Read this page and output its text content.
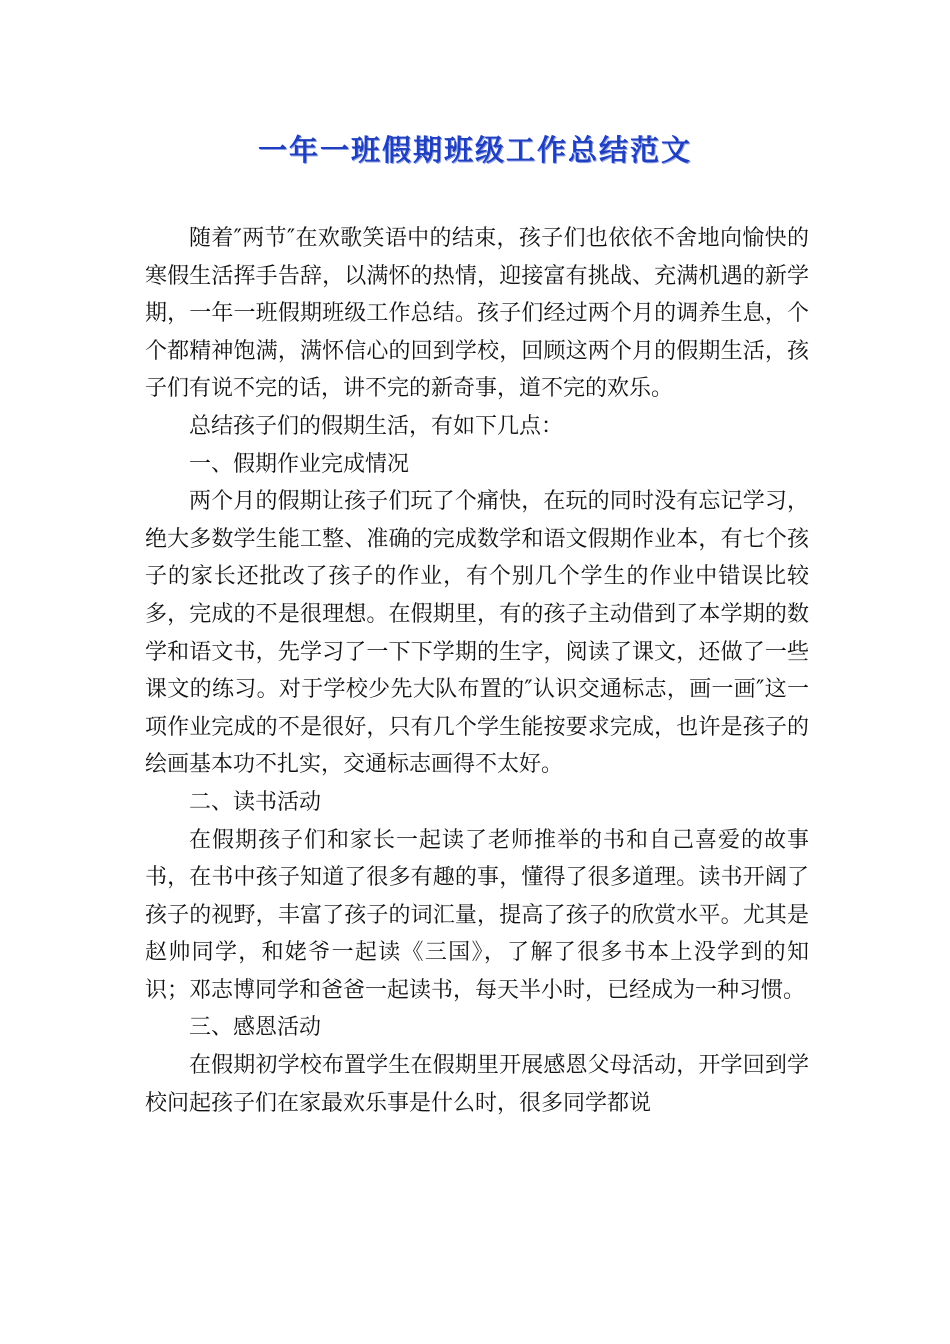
一年一班假期班级工作总结范文

随着″两节″在欢歌笑语中的结束，孩子们也依依不舍地向愉快的寒假生活挥手告辞，以满怀的热情，迎接富有挑战、充满机遇的新学期，一年一班假期班级工作总结。孩子们经过两个月的调养生息，个个都精神饱满，满怀信心的回到学校，回顾这两个月的假期生活，孩子们有说不完的话，讲不完的新奇事，道不完的欢乐。

总结孩子们的假期生活，有如下几点：

一、假期作业完成情况

两个月的假期让孩子们玩了个痛快，在玩的同时没有忘记学习，绝大多数学生能工整、准确的完成数学和语文假期作业本，有七个孩子的家长还批改了孩子的作业，有个别几个学生的作业中错误比较多，完成的不是很理想。在假期里，有的孩子主动借到了本学期的数学和语文书，先学习了一下下学期的生字，阅读了课文，还做了一些课文的练习。对于学校少先大队布置的″认识交通标志，画一画″这一项作业完成的不是很好，只有几个学生能按要求完成，也许是孩子的绘画基本功不扎实，交通标志画得不太好。

二、读书活动

在假期孩子们和家长一起读了老师推举的书和自己喜爱的故事书，在书中孩子知道了很多有趣的事，懂得了很多道理。读书开阔了孩子的视野，丰富了孩子的词汇量，提高了孩子的欣赏水平。尤其是赵帅同学，和姥爷一起读《三国》，了解了很多书本上没学到的知识；邓志博同学和爸爸一起读书，每天半小时，已经成为一种习惯。

三、感恩活动

在假期初学校布置学生在假期里开展感恩父母活动，开学回到学校问起孩子们在家最欢乐事是什么时，很多同学都说
